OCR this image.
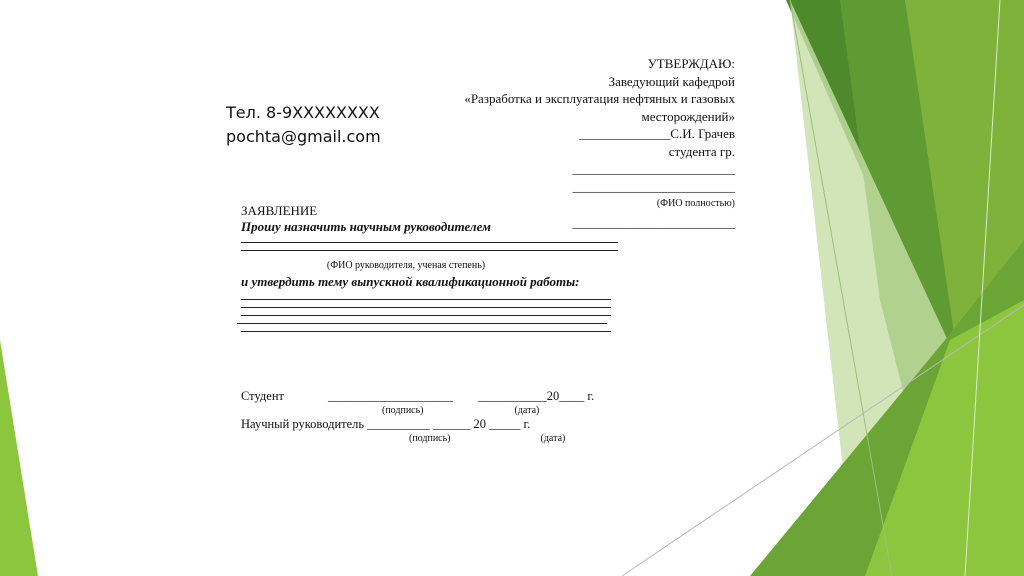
Тел. 8-9XXXXXXXX
pochta@gmail.com
УТВЕРЖДАЮ:
Заведующий кафедрой
«Разработка и эксплуатация нефтяных и газовых
месторождений»
______________С.И. Грачев
студента гр.
_________________________
_________________________
(ФИО полностью)
_________________________
ЗАЯВЛЕНИЕ
Прошу назначить научным руководителем
(ФИО руководителя, ученая степень)
и утвердить тему выпускной квалификационной работы:
Студент	____________________ ___________20____ г.
(подпись)	(дата)
Научный руководитель __________ ______ 20 _____ г.
(подпись)	(дата)
